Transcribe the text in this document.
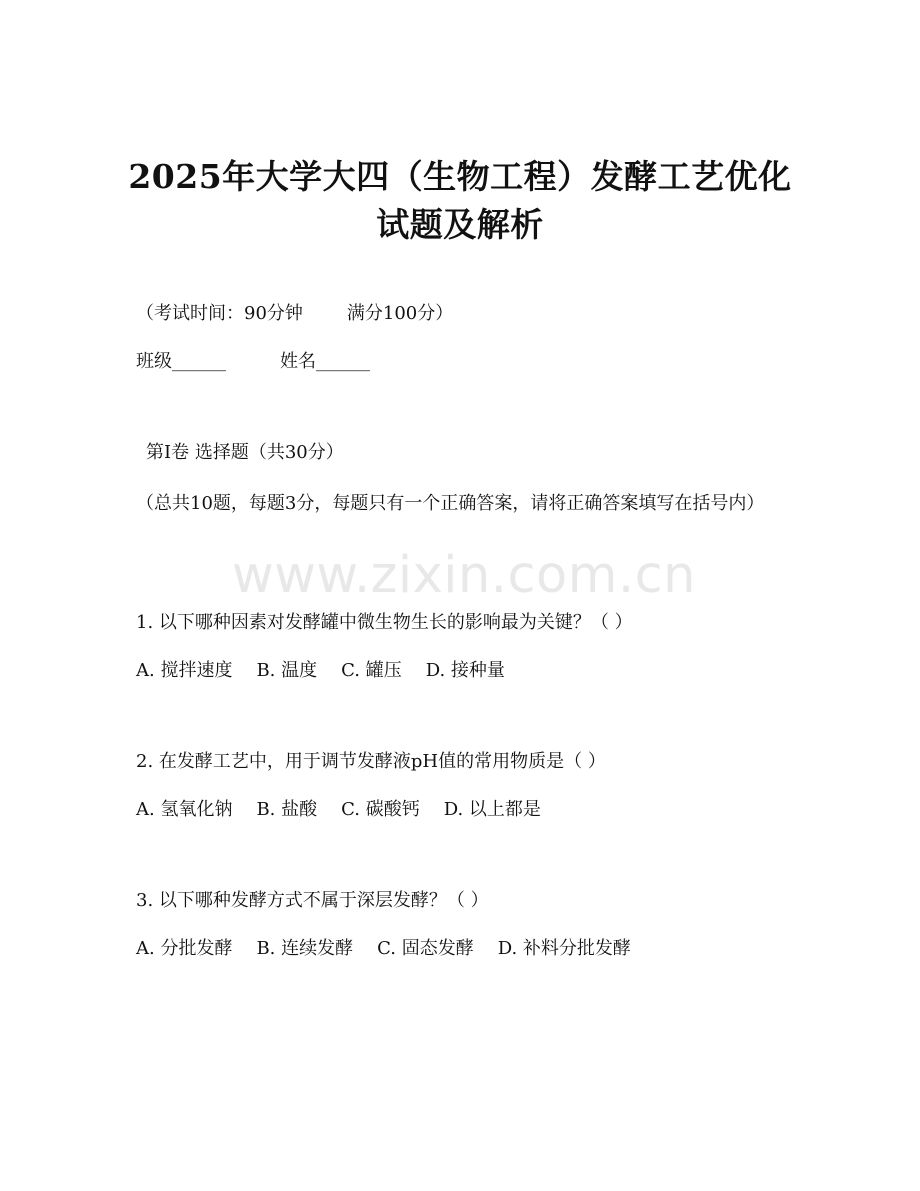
2025年大学大四（生物工程）发酵工艺优化
试题及解析
（考试时间：90分钟 满分100分）
班级______	姓名______
第Ⅰ卷 选择题（共30分）
（总共10题，每题3分，每题只有一个正确答案，请将正确答案填写在括号内）
www.zixin.com.cn
1. 以下哪种因素对发酵罐中微生物生长的影响最为关键？（ ）
A. 搅拌速度 B. 温度 C. 罐压 D. 接种量
2. 在发酵工艺中，用于调节发酵液pH值的常用物质是（ ）
A. 氢氧化钠 B. 盐酸 C. 碳酸钙 D. 以上都是
3. 以下哪种发酵方式不属于深层发酵？（ ）
A. 分批发酵 B. 连续发酵 C. 固态发酵 D. 补料分批发酵
